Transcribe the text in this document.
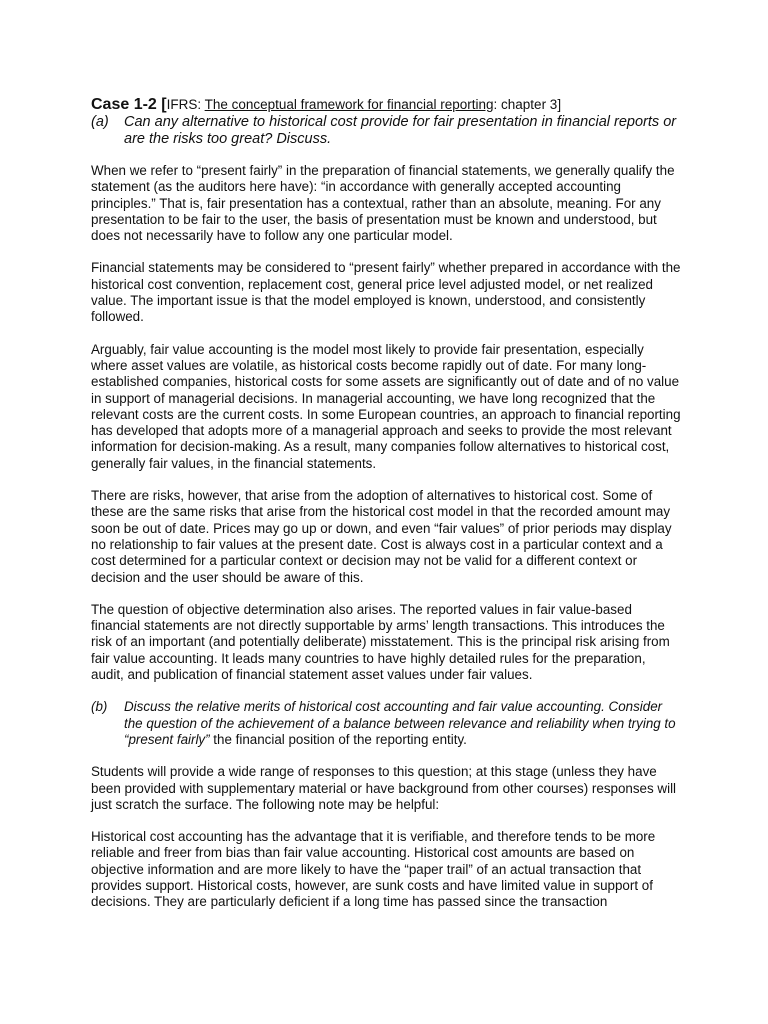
Case 1-2 [IFRS: The conceptual framework for financial reporting: chapter 3]
(a)	Can any alternative to historical cost provide for fair presentation in financial reports or are the risks too great? Discuss.

When we refer to “present fairly” in the preparation of financial statements, we generally qualify the statement (as the auditors here have): “in accordance with generally accepted accounting principles.” That is, fair presentation has a contextual, rather than an absolute, meaning. For any presentation to be fair to the user, the basis of presentation must be known and understood, but does not necessarily have to follow any one particular model.

Financial statements may be considered to “present fairly” whether prepared in accordance with the historical cost convention, replacement cost, general price level adjusted model, or net realized value. The important issue is that the model employed is known, understood, and consistently followed.

Arguably, fair value accounting is the model most likely to provide fair presentation, especially where asset values are volatile, as historical costs become rapidly out of date. For many long-established companies, historical costs for some assets are significantly out of date and of no value in support of managerial decisions. In managerial accounting, we have long recognized that the relevant costs are the current costs. In some European countries, an approach to financial reporting has developed that adopts more of a managerial approach and seeks to provide the most relevant information for decision-making. As a result, many companies follow alternatives to historical cost, generally fair values, in the financial statements.

There are risks, however, that arise from the adoption of alternatives to historical cost. Some of these are the same risks that arise from the historical cost model in that the recorded amount may soon be out of date. Prices may go up or down, and even “fair values” of prior periods may display no relationship to fair values at the present date. Cost is always cost in a particular context and a cost determined for a particular context or decision may not be valid for a different context or decision and the user should be aware of this.

The question of objective determination also arises. The reported values in fair value-based financial statements are not directly supportable by arms’ length transactions. This introduces the risk of an important (and potentially deliberate) misstatement. This is the principal risk arising from fair value accounting. It leads many countries to have highly detailed rules for the preparation, audit, and publication of financial statement asset values under fair values.

(b)	Discuss the relative merits of historical cost accounting and fair value accounting. Consider the question of the achievement of a balance between relevance and reliability when trying to “present fairly” the financial position of the reporting entity.

Students will provide a wide range of responses to this question; at this stage (unless they have been provided with supplementary material or have background from other courses) responses will just scratch the surface. The following note may be helpful:

Historical cost accounting has the advantage that it is verifiable, and therefore tends to be more reliable and freer from bias than fair value accounting. Historical cost amounts are based on objective information and are more likely to have the “paper trail” of an actual transaction that provides support. Historical costs, however, are sunk costs and have limited value in support of decisions. They are particularly deficient if a long time has passed since the transaction
